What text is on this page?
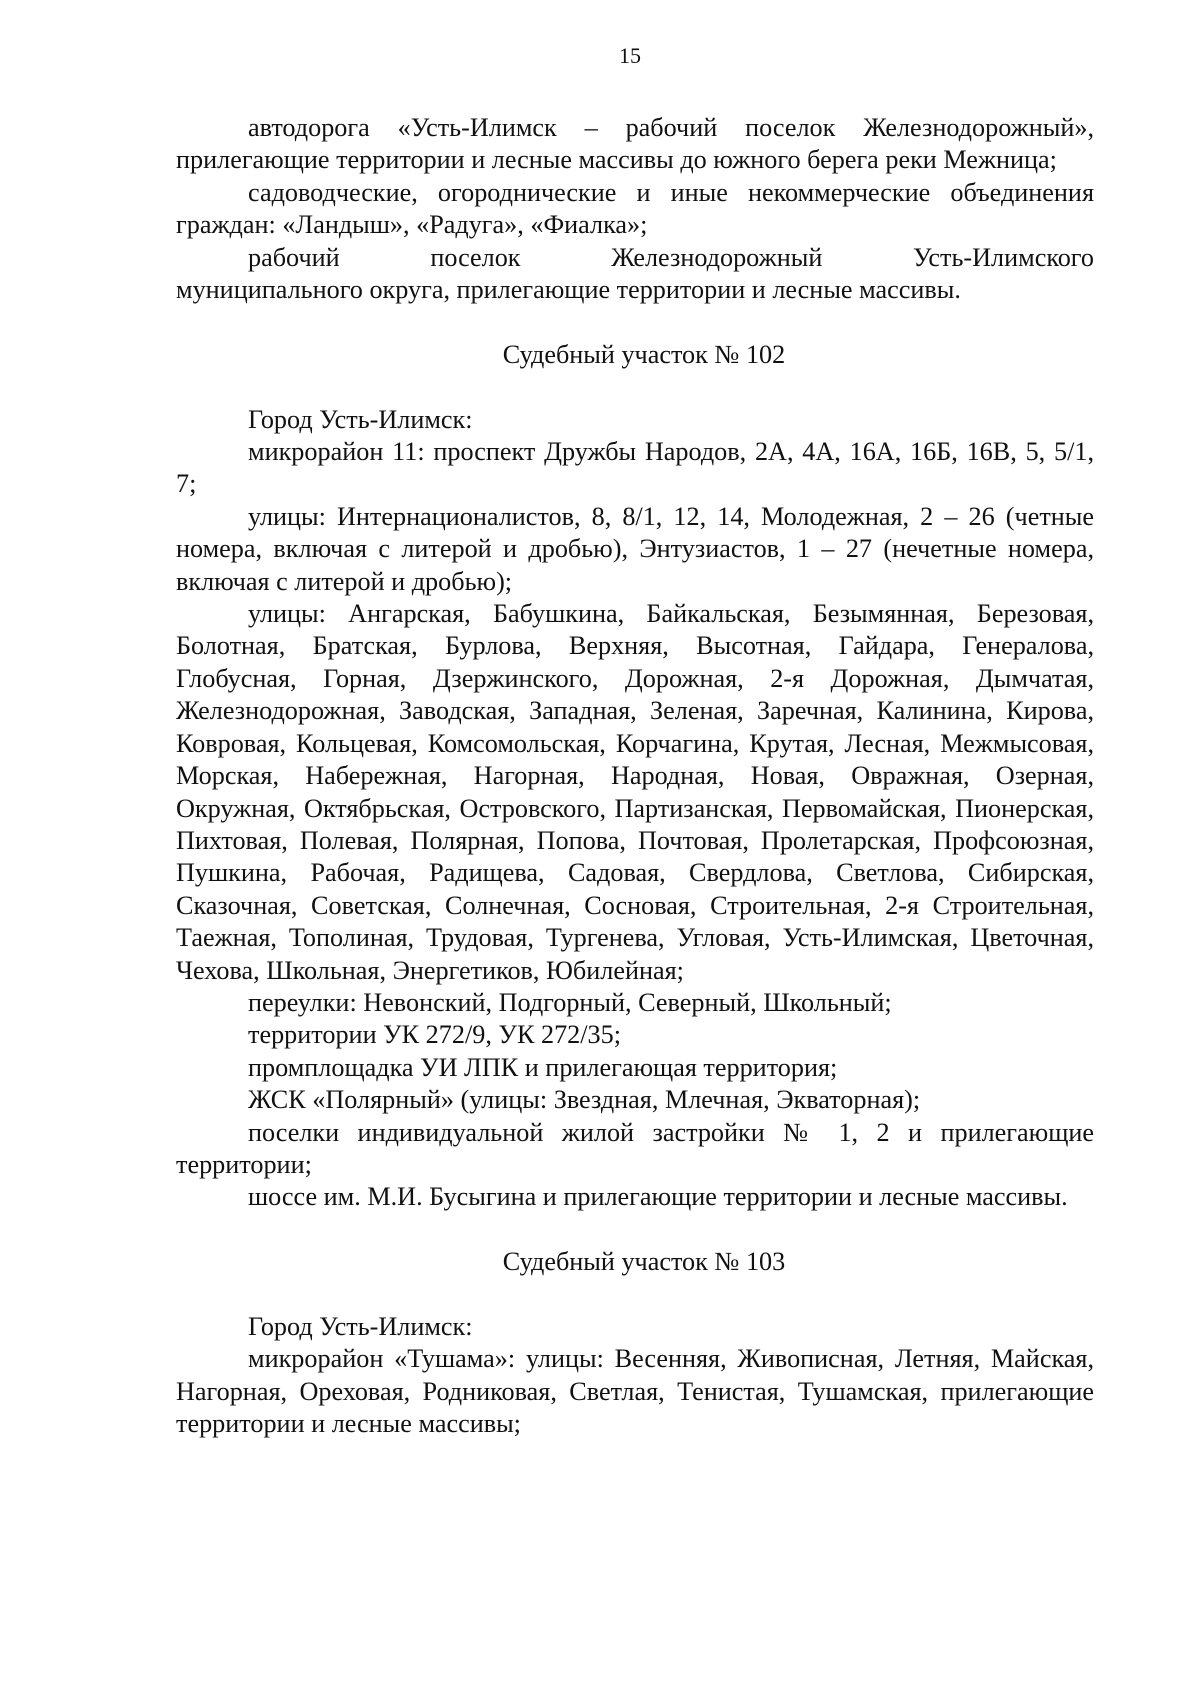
15

автодорога «Усть-Илимск – рабочий поселок Железнодорожный»,

прилегающие территории и лесные массивы до южного берега реки Межница;

садоводческие, огороднические и иные некоммерческие объединения граждан: «Ландыш», «Радуга», «Фиалка»;

рабочий поселок Железнодорожный Усть-Илимского

муниципального округа, прилегающие территории и лесные массивы.

Судебный участок № 102

Город Усть-Илимск:

микрорайон 11: проспект Дружбы Народов, 2А, 4А, 16А, 16Б, 16В, 5, 5/1, 7;

улицы: Интернационалистов, 8, 8/1, 12, 14, Молодежная, 2 – 26 (четные номера, включая с литерой и дробью), Энтузиастов, 1 – 27 (нечетные номера, включая с литерой и дробью);

улицы: Ангарская, Бабушкина, Байкальская, Безымянная, Березовая, Болотная, Братская, Бурлова, Верхняя, Высотная, Гайдара, Генералова, Глобусная, Горная, Дзержинского, Дорожная, 2-я Дорожная, Дымчатая, Железнодорожная, Заводская, Западная, Зеленая, Заречная, Калинина, Кирова, Ковровая, Кольцевая, Комсомольская, Корчагина, Крутая, Лесная, Межмысовая, Морская, Набережная, Нагорная, Народная, Новая, Овражная, Озерная, Окружная, Октябрьская, Островского, Партизанская, Первомайская, Пионерская, Пихтовая, Полевая, Полярная, Попова, Почтовая, Пролетарская, Профсоюзная, Пушкина, Рабочая, Радищева, Садовая, Свердлова, Светлова, Сибирская, Сказочная, Советская, Солнечная, Сосновая, Строительная, 2-я Строительная, Таежная, Тополиная, Трудовая, Тургенева, Угловая, Усть-Илимская, Цветочная, Чехова, Школьная, Энергетиков, Юбилейная;

переулки: Невонский, Подгорный, Северный, Школьный;

территории УК 272/9, УК 272/35;

промплощадка УИ ЛПК и прилегающая территория;

ЖСК «Полярный» (улицы: Звездная, Млечная, Экваторная);

поселки индивидуальной жилой застройки № 1, 2 и прилегающие территории;

шоссе им. М.И. Бусыгина и прилегающие территории и лесные массивы.

Судебный участок № 103

Город Усть-Илимск:

микрорайон «Тушама»: улицы: Весенняя, Живописная, Летняя, Майская, Нагорная, Ореховая, Родниковая, Светлая, Тенистая, Тушамская, прилегающие территории и лесные массивы;
